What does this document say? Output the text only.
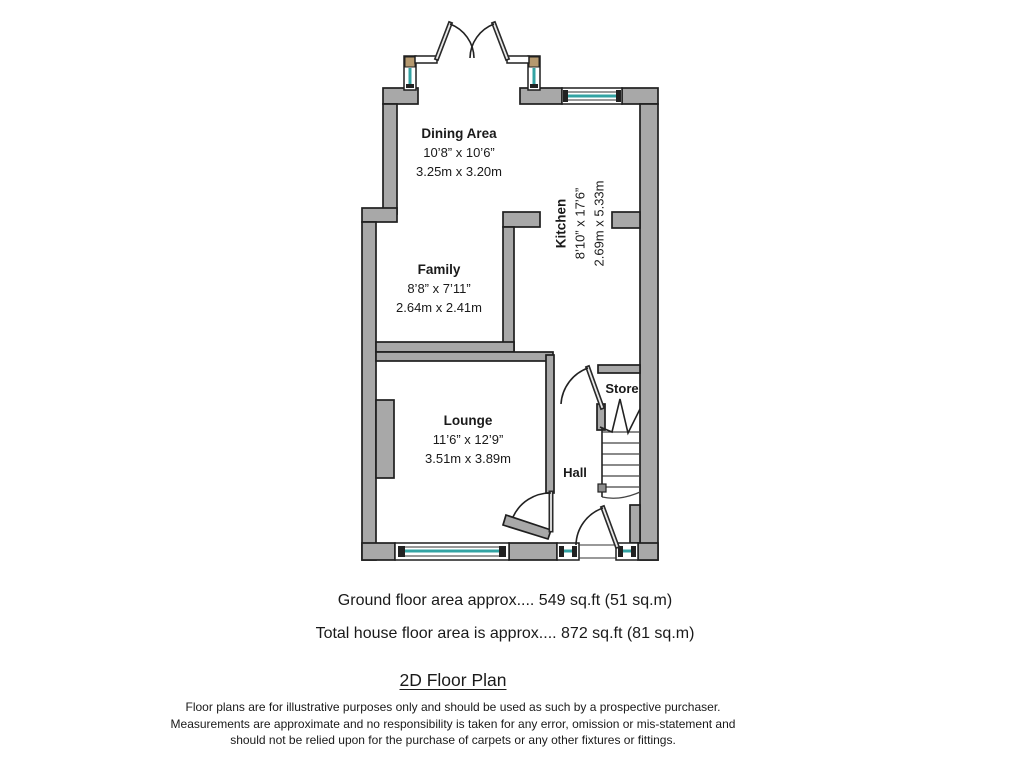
Dining Area
10’8” x 10’6”
3.25m x 3.20m
Family
8’8” x 7’11”
2.64m x 2.41m
Kitchen 8’10” x 17’6” 2.69m x 5.33m
Lounge
11’6” x 12’9”
3.51m x 3.89m
Hall
Store
Ground floor area approx.... 549 sq.ft (51 sq.m)
Total house floor area is approx.... 872 sq.ft (81 sq.m)
2D Floor Plan
Floor plans are for illustrative purposes only and should be used as such by a prospective purchaser.
Measurements are approximate and no responsibility is taken for any error, omission or mis-statement and
should not be relied upon for the purchase of carpets or any other fixtures or fittings.
